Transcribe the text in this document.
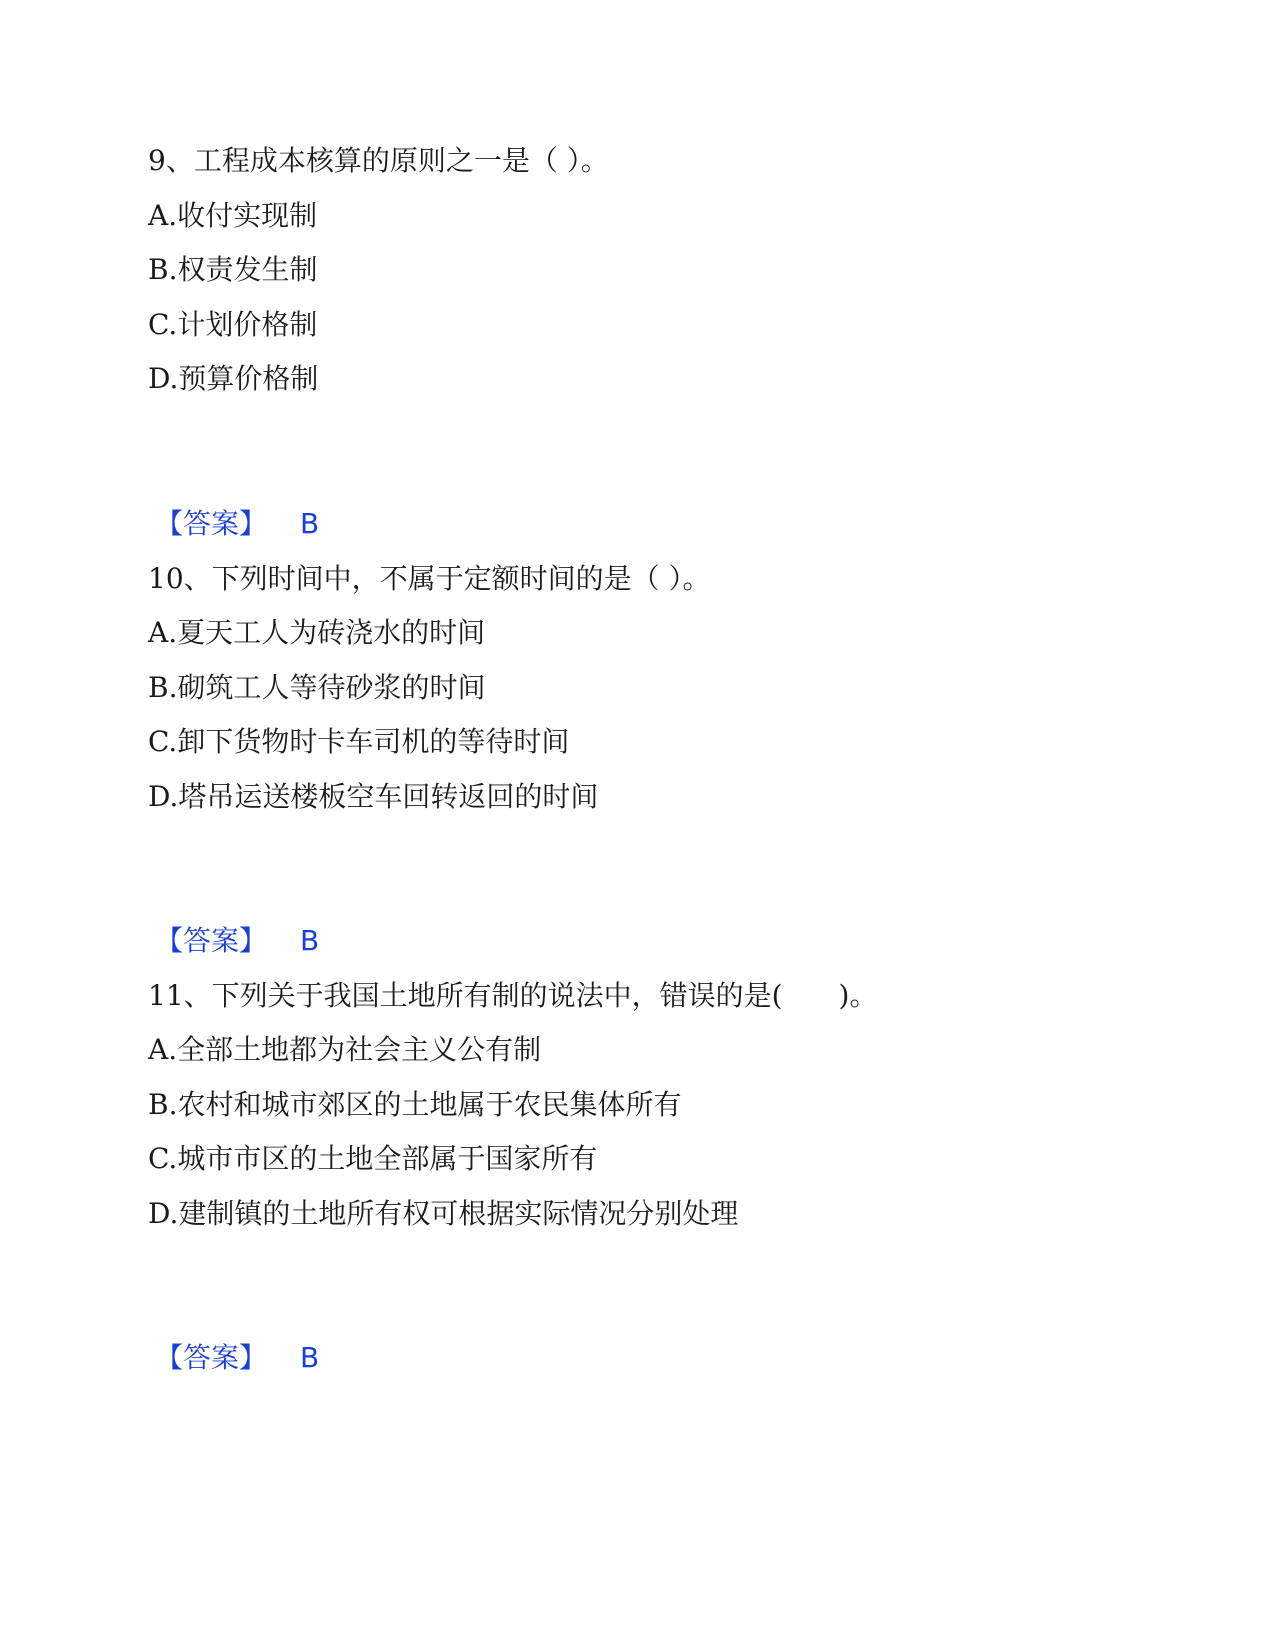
9、工程成本核算的原则之一是（ ）。
A.收付实现制
B.权责发生制
C.计划价格制
D.预算价格制
【答案】 B
10、下列时间中，不属于定额时间的是（ ）。
A.夏天工人为砖浇水的时间
B.砌筑工人等待砂浆的时间
C.卸下货物时卡车司机的等待时间
D.塔吊运送楼板空车回转返回的时间
【答案】 B
11、下列关于我国土地所有制的说法中，错误的是(　　)。
A.全部土地都为社会主义公有制
B.农村和城市郊区的土地属于农民集体所有
C.城市市区的土地全部属于国家所有
D.建制镇的土地所有权可根据实际情况分别处理
【答案】 B
